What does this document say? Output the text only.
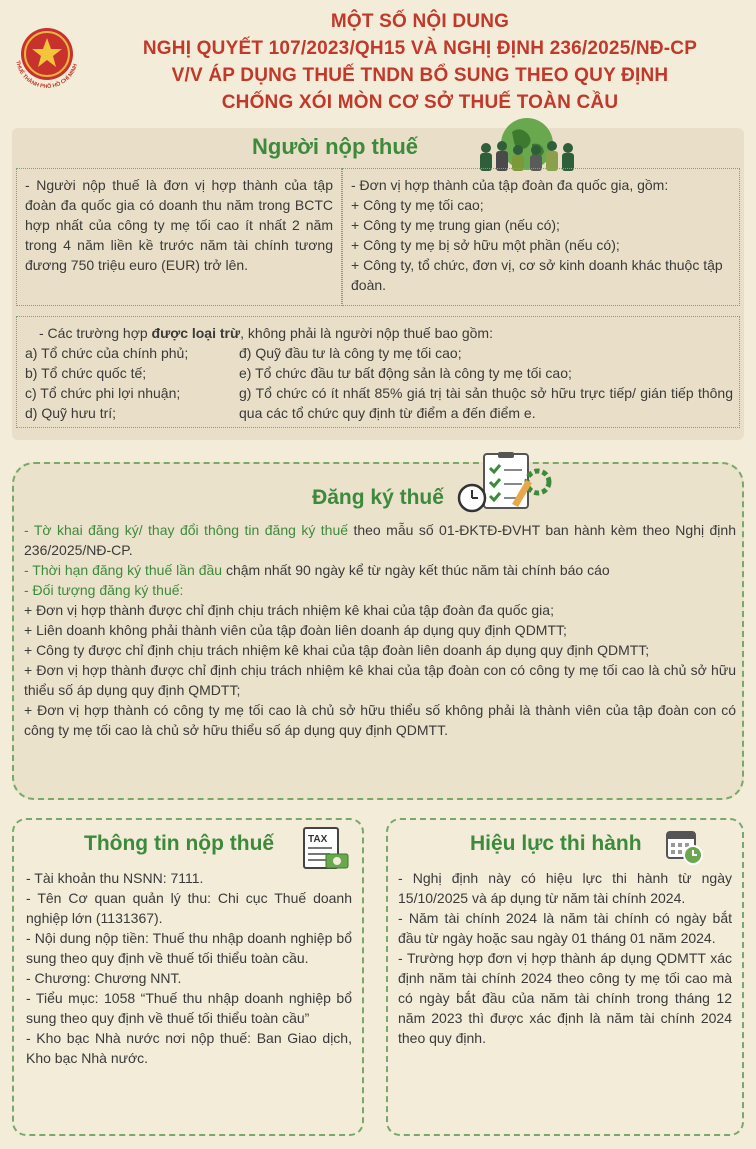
THUẾ THÀNH PHỐ HỒ CHÍ MINH
MỘT SỐ NỘI DUNG
NGHỊ QUYẾT 107/2023/QH15 VÀ NGHỊ ĐỊNH 236/2025/NĐ-CP
V/V ÁP DỤNG THUẾ TNDN BỔ SUNG THEO QUY ĐỊNH
CHỐNG XÓI MÒN CƠ SỞ THUẾ TOÀN CẦU
Người nộp thuế
- Người nộp thuế là đơn vị hợp thành của tập đoàn đa quốc gia có doanh thu năm trong BCTC hợp nhất của công ty mẹ tối cao ít nhất 2 năm trong 4 năm liền kề trước năm tài chính tương đương 750 triệu euro (EUR) trở lên.
- Đơn vị hợp thành của tập đoàn đa quốc gia, gồm:
+ Công ty mẹ tối cao;
+ Công ty mẹ trung gian (nếu có);
+ Công ty mẹ bị sở hữu một phần (nếu có);
+ Công ty, tổ chức, đơn vị, cơ sở kinh doanh khác thuộc tập đoàn.
- Các trường hợp được loại trừ, không phải là người nộp thuế bao gồm:
a) Tổ chức của chính phủ;
b) Tổ chức quốc tế;
c) Tổ chức phi lợi nhuận;
d) Quỹ hưu trí;
đ) Quỹ đầu tư là công ty mẹ tối cao;
e) Tổ chức đầu tư bất động sản là công ty mẹ tối cao;
g) Tổ chức có ít nhất 85% giá trị tài sản thuộc sở hữu trực tiếp/ gián tiếp thông qua các tổ chức quy định từ điểm a đến điểm e.
Đăng ký thuế
- Tờ khai đăng ký/ thay đổi thông tin đăng ký thuế theo mẫu số 01-ĐKTĐ-ĐVHT ban hành kèm theo Nghị định 236/2025/NĐ-CP.
- Thời hạn đăng ký thuế lần đầu chậm nhất 90 ngày kể từ ngày kết thúc năm tài chính báo cáo
- Đối tượng đăng ký thuế:
+ Đơn vị hợp thành được chỉ định chịu trách nhiệm kê khai của tập đoàn đa quốc gia;
+ Liên doanh không phải thành viên của tập đoàn liên doanh áp dụng quy định QDMTT;
+ Công ty được chỉ định chịu trách nhiệm kê khai của tập đoàn liên doanh áp dụng quy định QDMTT;
+ Đơn vị hợp thành được chỉ định chịu trách nhiệm kê khai của tập đoàn con có công ty mẹ tối cao là chủ sở hữu thiểu số áp dụng quy định QMDTT;
+ Đơn vị hợp thành có công ty mẹ tối cao là chủ sở hữu thiểu số không phải là thành viên của tập đoàn con có công ty mẹ tối cao là chủ sở hữu thiểu số áp dụng quy định QDMTT.
Thông tin nộp thuế	TAX

- Tài khoản thu NSNN: 7111.

- Tên Cơ quan quản lý thu: Chi cục Thuế doanh nghiệp lớn (1131367).

- Nội dung nộp tiền: Thuế thu nhập doanh nghiệp bổ sung theo quy định về thuế tối thiểu toàn cầu.

- Chương: Chương NNT.

- Tiểu mục: 1058 “Thuế thu nhập doanh nghiệp bổ sung theo quy định về thuế tối thiểu toàn cầu”

- Kho bạc Nhà nước nơi nộp thuế: Ban Giao dịch, Kho bạc Nhà nước.

Hiệu lực thi hành

- Nghị định này có hiệu lực thi hành từ ngày 15/10/2025 và áp dụng từ năm tài chính 2024.

- Năm tài chính 2024 là năm tài chính có ngày bắt đầu từ ngày hoặc sau ngày 01 tháng 01 năm 2024.

- Trường hợp đơn vị hợp thành áp dụng QDMTT xác định năm tài chính 2024 theo công ty mẹ tối cao mà có ngày bắt đầu của năm tài chính trong tháng 12 năm 2023 thì được xác định là năm tài chính 2024 theo quy định.
